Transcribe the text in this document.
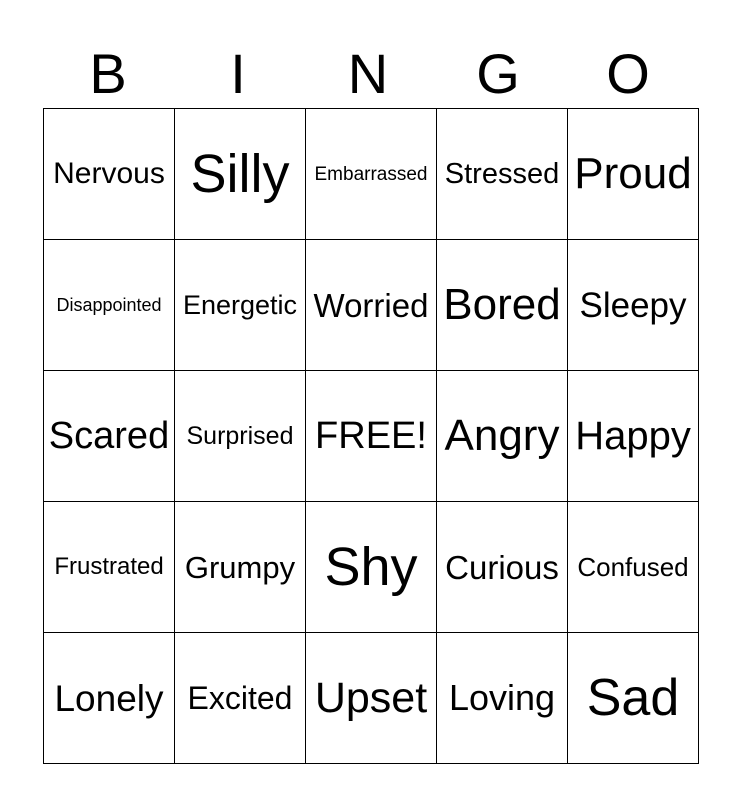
B	I	N	G	O
Nervous	Silly	Embarrassed	Stressed	Proud
Disappointed	Energetic	Worried	Bored	Sleepy
Scared	Surprised	FREE!	Angry	Happy
Frustrated	Grumpy	Shy	Curious	Confused
Lonely	Excited	Upset	Loving	Sad
